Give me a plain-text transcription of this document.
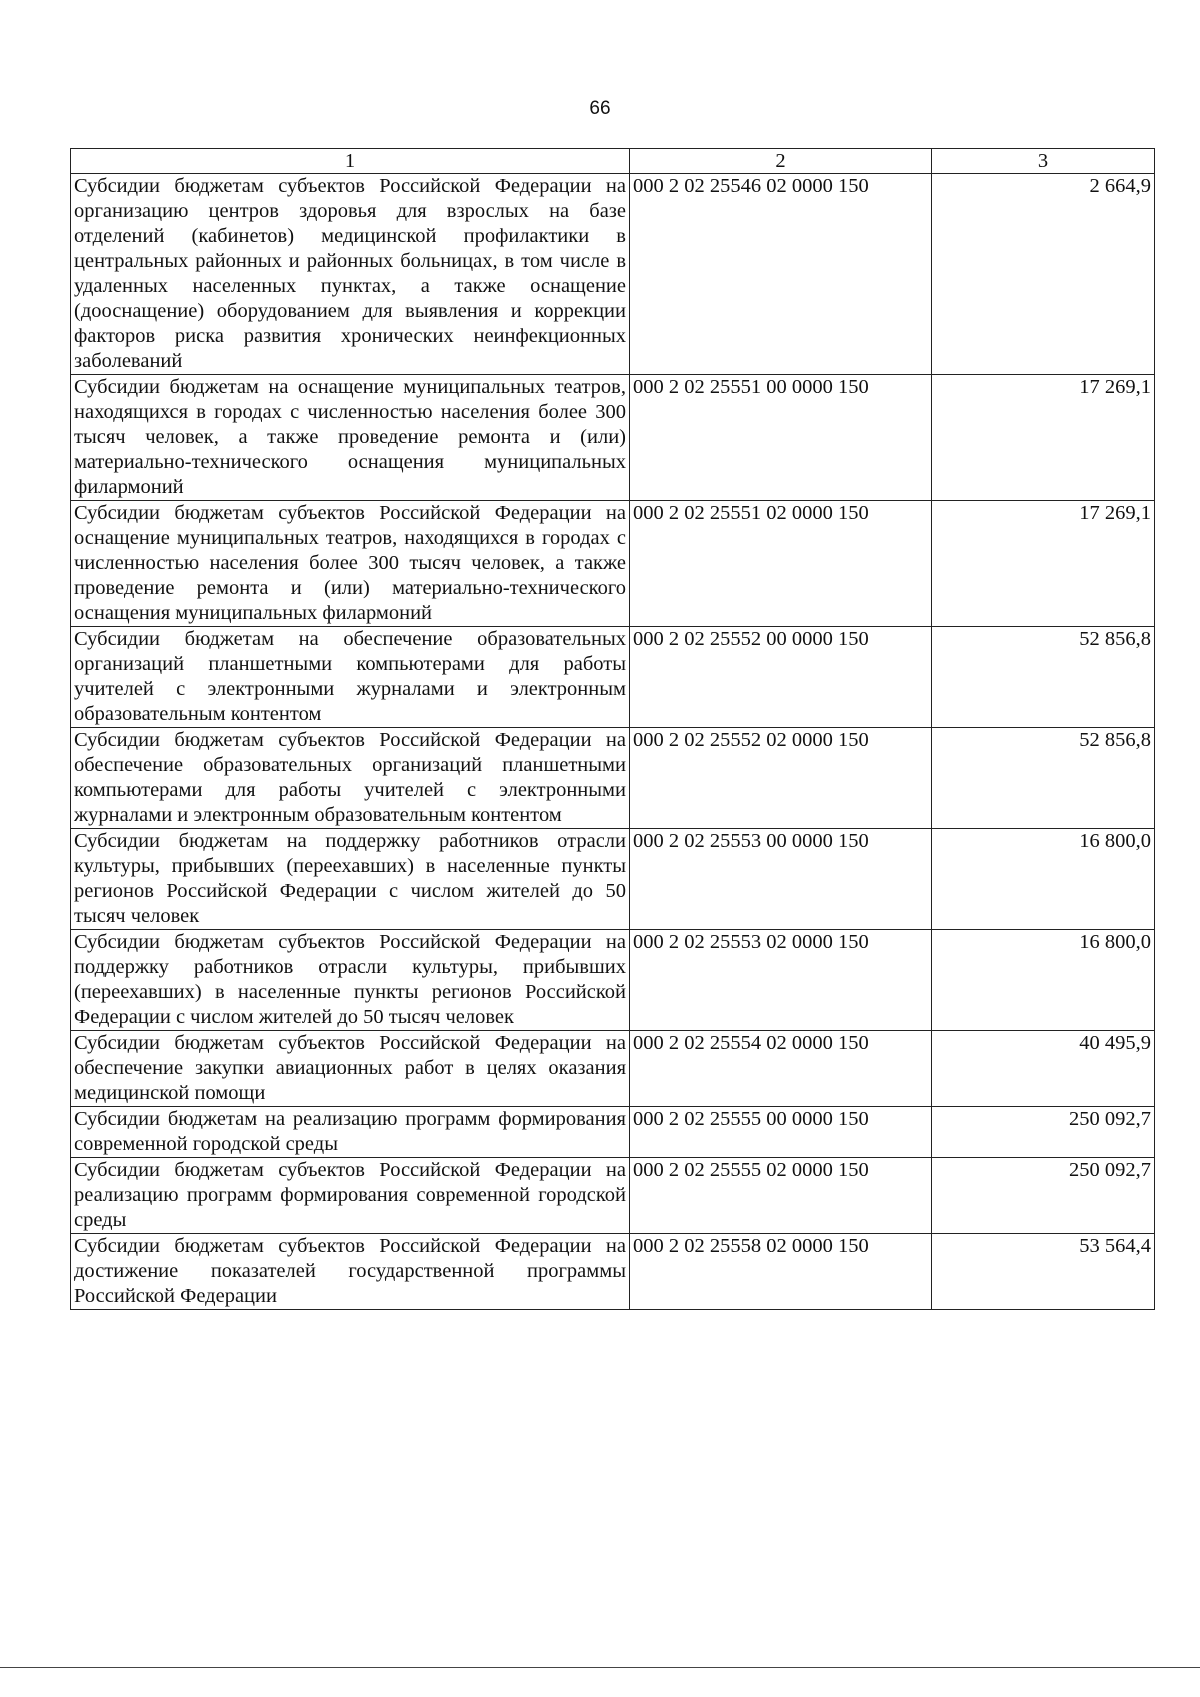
66
1	2	3
Субсидии бюджетам субъектов Российской Федерации на организацию центров здоровья для взрослых на базе отделений (кабинетов) медицинской профилактики в центральных районных и районных больницах, в том числе в удаленных населенных пунктах, а также оснащение (дооснащение) оборудованием для выявления и коррекции факторов риска развития хронических неинфекционных заболеваний	000 2 02 25546 02 0000 150	2 664,9
Субсидии бюджетам на оснащение муниципальных театров, находящихся в городах с численностью населения более 300 тысяч человек, а также проведение ремонта и (или) материально-технического оснащения муниципальных филармоний	000 2 02 25551 00 0000 150	17 269,1
Субсидии бюджетам субъектов Российской Федерации на оснащение муниципальных театров, находящихся в городах с численностью населения более 300 тысяч человек, а также проведение ремонта и (или) материально-технического оснащения муниципальных филармоний	000 2 02 25551 02 0000 150	17 269,1
Субсидии бюджетам на обеспечение образовательных организаций планшетными компьютерами для работы учителей с электронными журналами и электронным образовательным контентом	000 2 02 25552 00 0000 150	52 856,8
Субсидии бюджетам субъектов Российской Федерации на обеспечение образовательных организаций планшетными компьютерами для работы учителей с электронными журналами и электронным образовательным контентом	000 2 02 25552 02 0000 150	52 856,8
Субсидии бюджетам на поддержку работников отрасли культуры, прибывших (переехавших) в населенные пункты регионов Российской Федерации с числом жителей до 50 тысяч человек	000 2 02 25553 00 0000 150	16 800,0
Субсидии бюджетам субъектов Российской Федерации на поддержку работников отрасли культуры, прибывших (переехавших) в населенные пункты регионов Российской Федерации с числом жителей до 50 тысяч человек	000 2 02 25553 02 0000 150	16 800,0
Субсидии бюджетам субъектов Российской Федерации на обеспечение закупки авиационных работ в целях оказания медицинской помощи	000 2 02 25554 02 0000 150	40 495,9
Субсидии бюджетам на реализацию программ формирования современной городской среды	000 2 02 25555 00 0000 150	250 092,7
Субсидии бюджетам субъектов Российской Федерации на реализацию программ формирования современной городской среды	000 2 02 25555 02 0000 150	250 092,7
Субсидии бюджетам субъектов Российской Федерации на достижение показателей государственной программы Российской Федерации	000 2 02 25558 02 0000 150	53 564,4
